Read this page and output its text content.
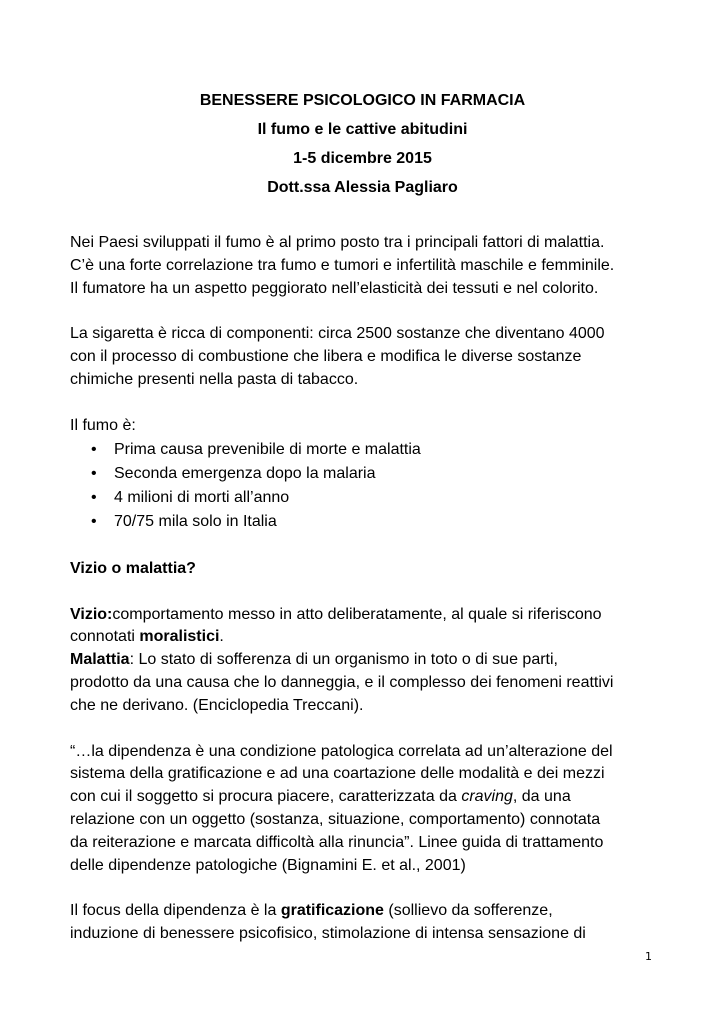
BENESSERE PSICOLOGICO IN FARMACIA
Il fumo e le cattive abitudini
1-5 dicembre 2015
Dott.ssa Alessia Pagliaro

Nei Paesi sviluppati il fumo è al primo posto tra i principali fattori di malattia.
C’è una forte correlazione tra fumo e tumori e infertilità maschile e femminile.
Il fumatore ha un aspetto peggiorato nell’elasticità dei tessuti e nel colorito.

La sigaretta è ricca di componenti: circa 2500 sostanze che diventano 4000
con il processo di combustione che libera e modifica le diverse sostanze
chimiche presenti nella pasta di tabacco.

Il fumo è:

• Prima causa prevenibile di morte e malattia
• Seconda emergenza dopo la malaria
• 4 milioni di morti all’anno
• 70/75 mila solo in Italia

Vizio o malattia?

Vizio:comportamento messo in atto deliberatamente, al quale si riferiscono
connotati moralistici.
Malattia: Lo stato di sofferenza di un organismo in toto o di sue parti,
prodotto da una causa che lo danneggia, e il complesso dei fenomeni reattivi
che ne derivano. (Enciclopedia Treccani).

“…la dipendenza è una condizione patologica correlata ad un’alterazione del
sistema della gratificazione e ad una coartazione delle modalità e dei mezzi
con cui il soggetto si procura piacere, caratterizzata da craving, da una
relazione con un oggetto (sostanza, situazione, comportamento) connotata
da reiterazione e marcata difficoltà alla rinuncia”. Linee guida di trattamento
delle dipendenze patologiche (Bignamini E. et al., 2001)

Il focus della dipendenza è la gratificazione (sollievo da sofferenze,
induzione di benessere psicofisico, stimolazione di intensa sensazione di

1
